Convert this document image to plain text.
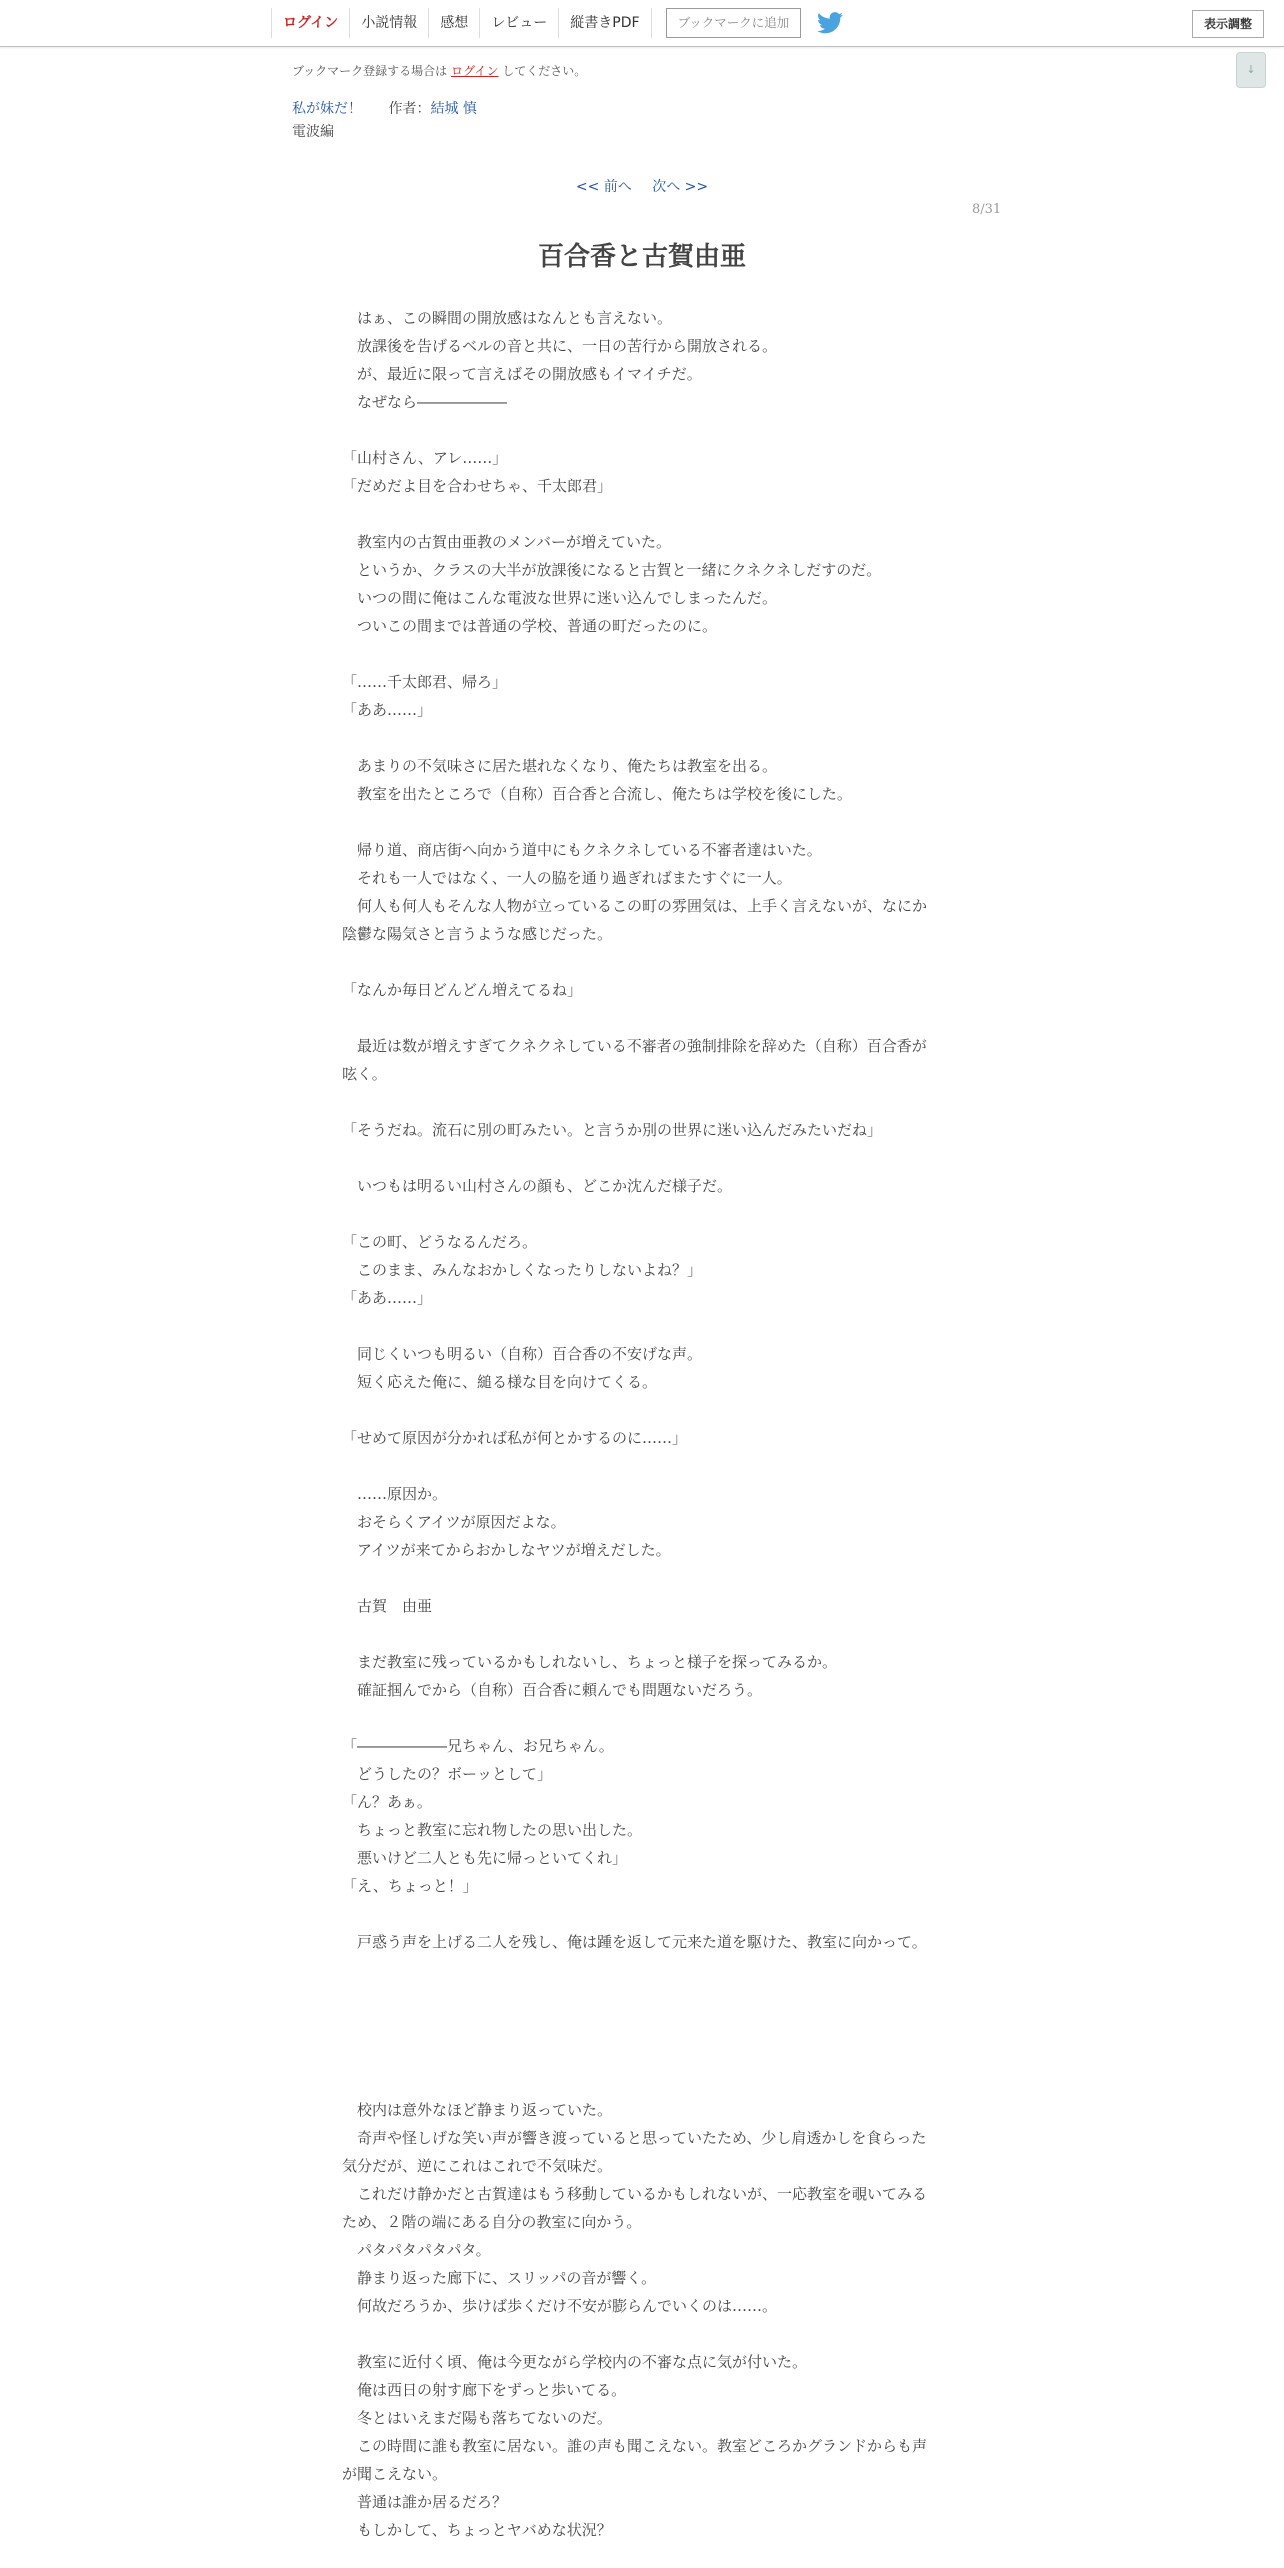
ログイン	小説情報	感想	レビュー	縦書きPDF	ブックマークに追加	表示調整
↓
ブックマーク登録する場合は ログイン してください。
私が妹だ！ 作者：結城 慎
電波編
<< 前へ 次へ >>
8/31
百合香と古賀由亜
　はぁ、この瞬間の開放感はなんとも言えない。
　放課後を告げるベルの音と共に、一日の苦行から開放される。
　が、最近に限って言えばその開放感もイマイチだ。
　なぜなら――――――
「山村さん、アレ……」
「だめだよ目を合わせちゃ、千太郎君」
　教室内の古賀由亜教のメンバーが増えていた。
　というか、クラスの大半が放課後になると古賀と一緒にクネクネしだすのだ。
　いつの間に俺はこんな電波な世界に迷い込んでしまったんだ。
　ついこの間までは普通の学校、普通の町だったのに。
「……千太郎君、帰ろ」
「ああ……」
　あまりの不気味さに居た堪れなくなり、俺たちは教室を出る。
　教室を出たところで（自称）百合香と合流し、俺たちは学校を後にした。
　帰り道、商店街へ向かう道中にもクネクネしている不審者達はいた。
　それも一人ではなく、一人の脇を通り過ぎればまたすぐに一人。
　何人も何人もそんな人物が立っているこの町の雰囲気は、上手く言えないが、なにか陰鬱な陽気さと言うような感じだった。
「なんか毎日どんどん増えてるね」
　最近は数が増えすぎてクネクネしている不審者の強制排除を辞めた（自称）百合香が呟く。
「そうだね。流石に別の町みたい。と言うか別の世界に迷い込んだみたいだね」
　いつもは明るい山村さんの顔も、どこか沈んだ様子だ。
「この町、どうなるんだろ。
　このまま、みんなおかしくなったりしないよね？」
「ああ……」
　同じくいつも明るい（自称）百合香の不安げな声。
　短く応えた俺に、縋る様な目を向けてくる。
「せめて原因が分かれば私が何とかするのに……」
　……原因か。
　おそらくアイツが原因だよな。
　アイツが来てからおかしなヤツが増えだした。
　古賀　由亜
　まだ教室に残っているかもしれないし、ちょっと様子を探ってみるか。
　確証掴んでから（自称）百合香に頼んでも問題ないだろう。
「――――――兄ちゃん、お兄ちゃん。
　どうしたの？ボーッとして」
「ん？あぁ。
　ちょっと教室に忘れ物したの思い出した。
　悪いけど二人とも先に帰っといてくれ」
「え、ちょっと！」
　戸惑う声を上げる二人を残し、俺は踵を返して元来た道を駆けた、教室に向かって。
　校内は意外なほど静まり返っていた。
　奇声や怪しげな笑い声が響き渡っていると思っていたため、少し肩透かしを食らった気分だが、逆にこれはこれで不気味だ。
　これだけ静かだと古賀達はもう移動しているかもしれないが、一応教室を覗いてみるため、２階の端にある自分の教室に向かう。
　パタパタパタパタ。
　静まり返った廊下に、スリッパの音が響く。
　何故だろうか、歩けば歩くだけ不安が膨らんでいくのは……。
　教室に近付く頃、俺は今更ながら学校内の不審な点に気が付いた。
　俺は西日の射す廊下をずっと歩いてる。
　冬とはいえまだ陽も落ちてないのだ。
　この時間に誰も教室に居ない。誰の声も聞こえない。教室どころかグランドからも声が聞こえない。
　普通は誰か居るだろ？
　もしかして、ちょっとヤバめな状況？
